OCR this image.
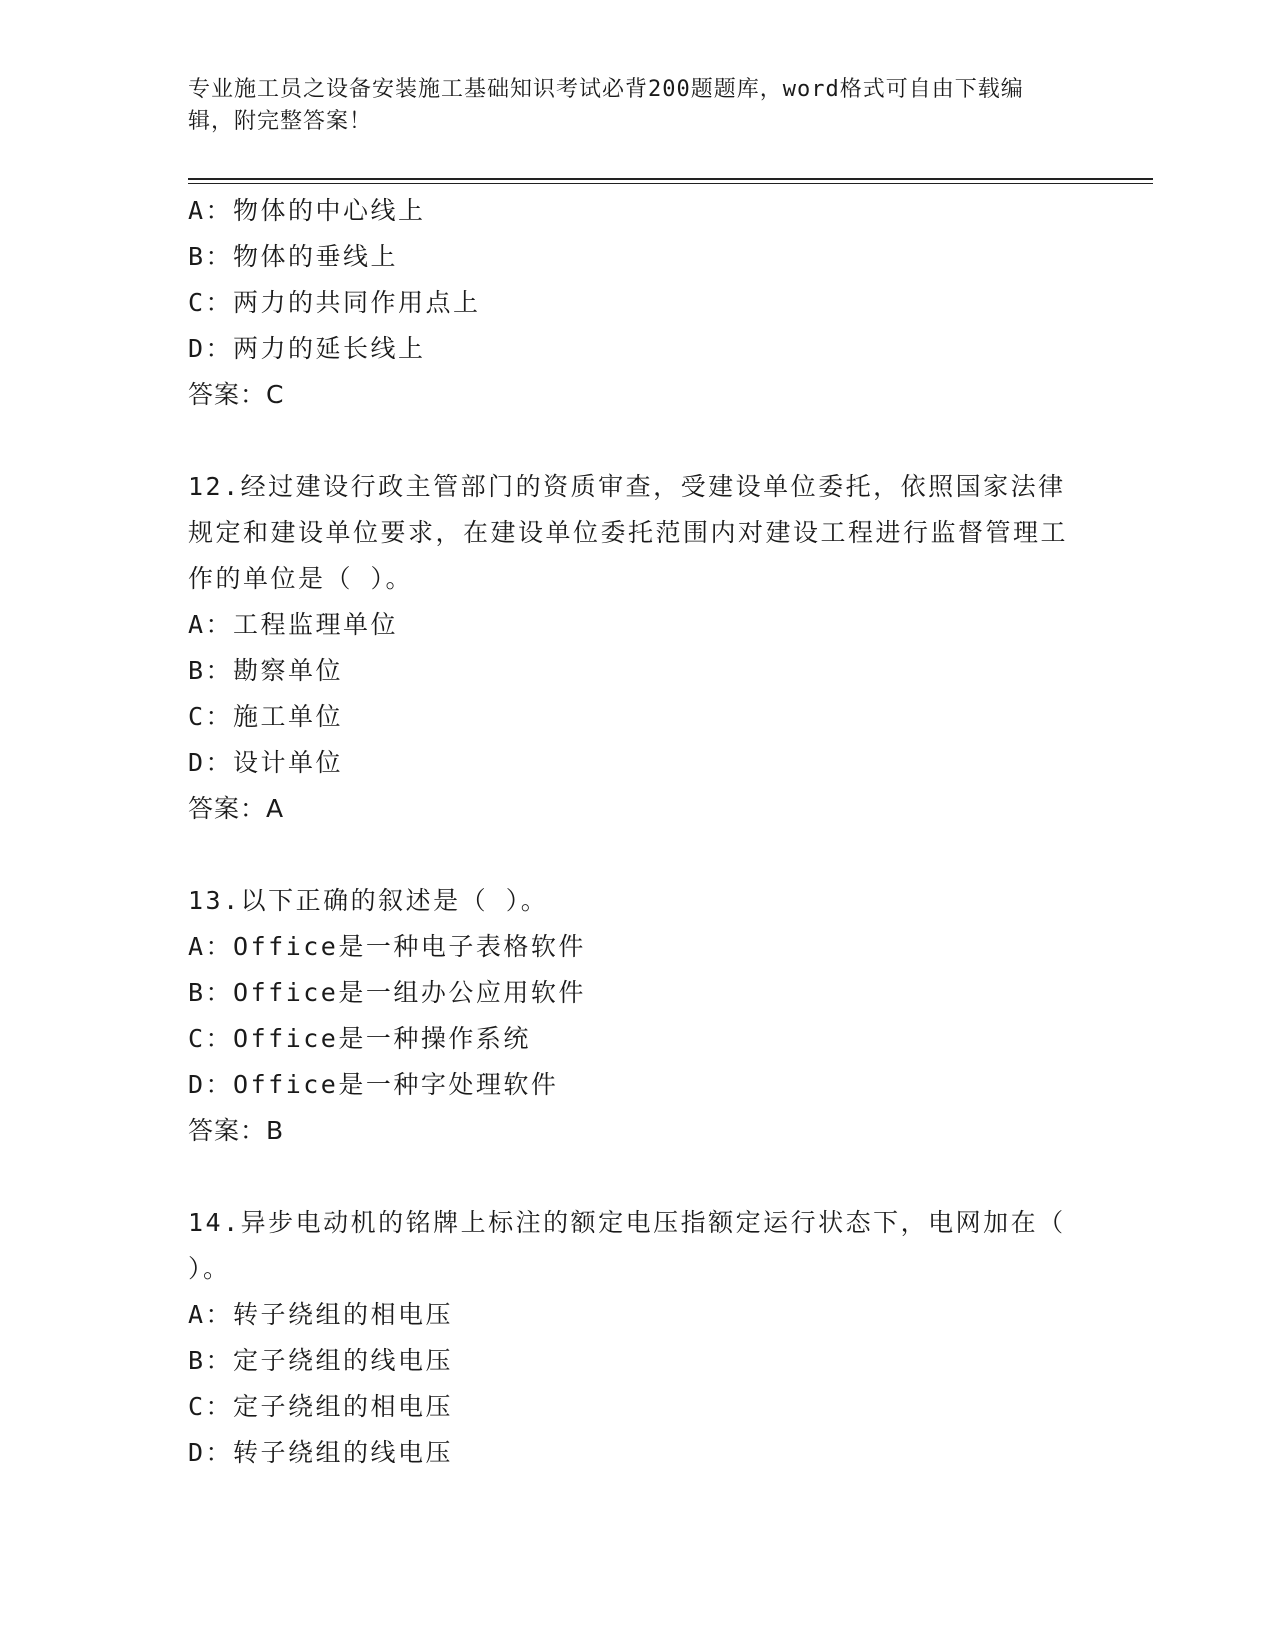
专业施工员之设备安装施工基础知识考试必背200题题库，word格式可自由下载编辑，附完整答案！
A：物体的中心线上
B：物体的垂线上
C：两力的共同作用点上
D：两力的延长线上
答案：C
12.经过建设行政主管部门的资质审查，受建设单位委托，依照国家法律规定和建设单位要求，在建设单位委托范围内对建设工程进行监督管理工作的单位是（ ）。
A：工程监理单位
B：勘察单位
C：施工单位
D：设计单位
答案：A
13.以下正确的叙述是（ ）。
A：Office是一种电子表格软件
B：Office是一组办公应用软件
C：Office是一种操作系统
D：Office是一种字处理软件
答案：B
14.异步电动机的铭牌上标注的额定电压指额定运行状态下，电网加在（ ）。
A：转子绕组的相电压
B：定子绕组的线电压
C：定子绕组的相电压
D：转子绕组的线电压
